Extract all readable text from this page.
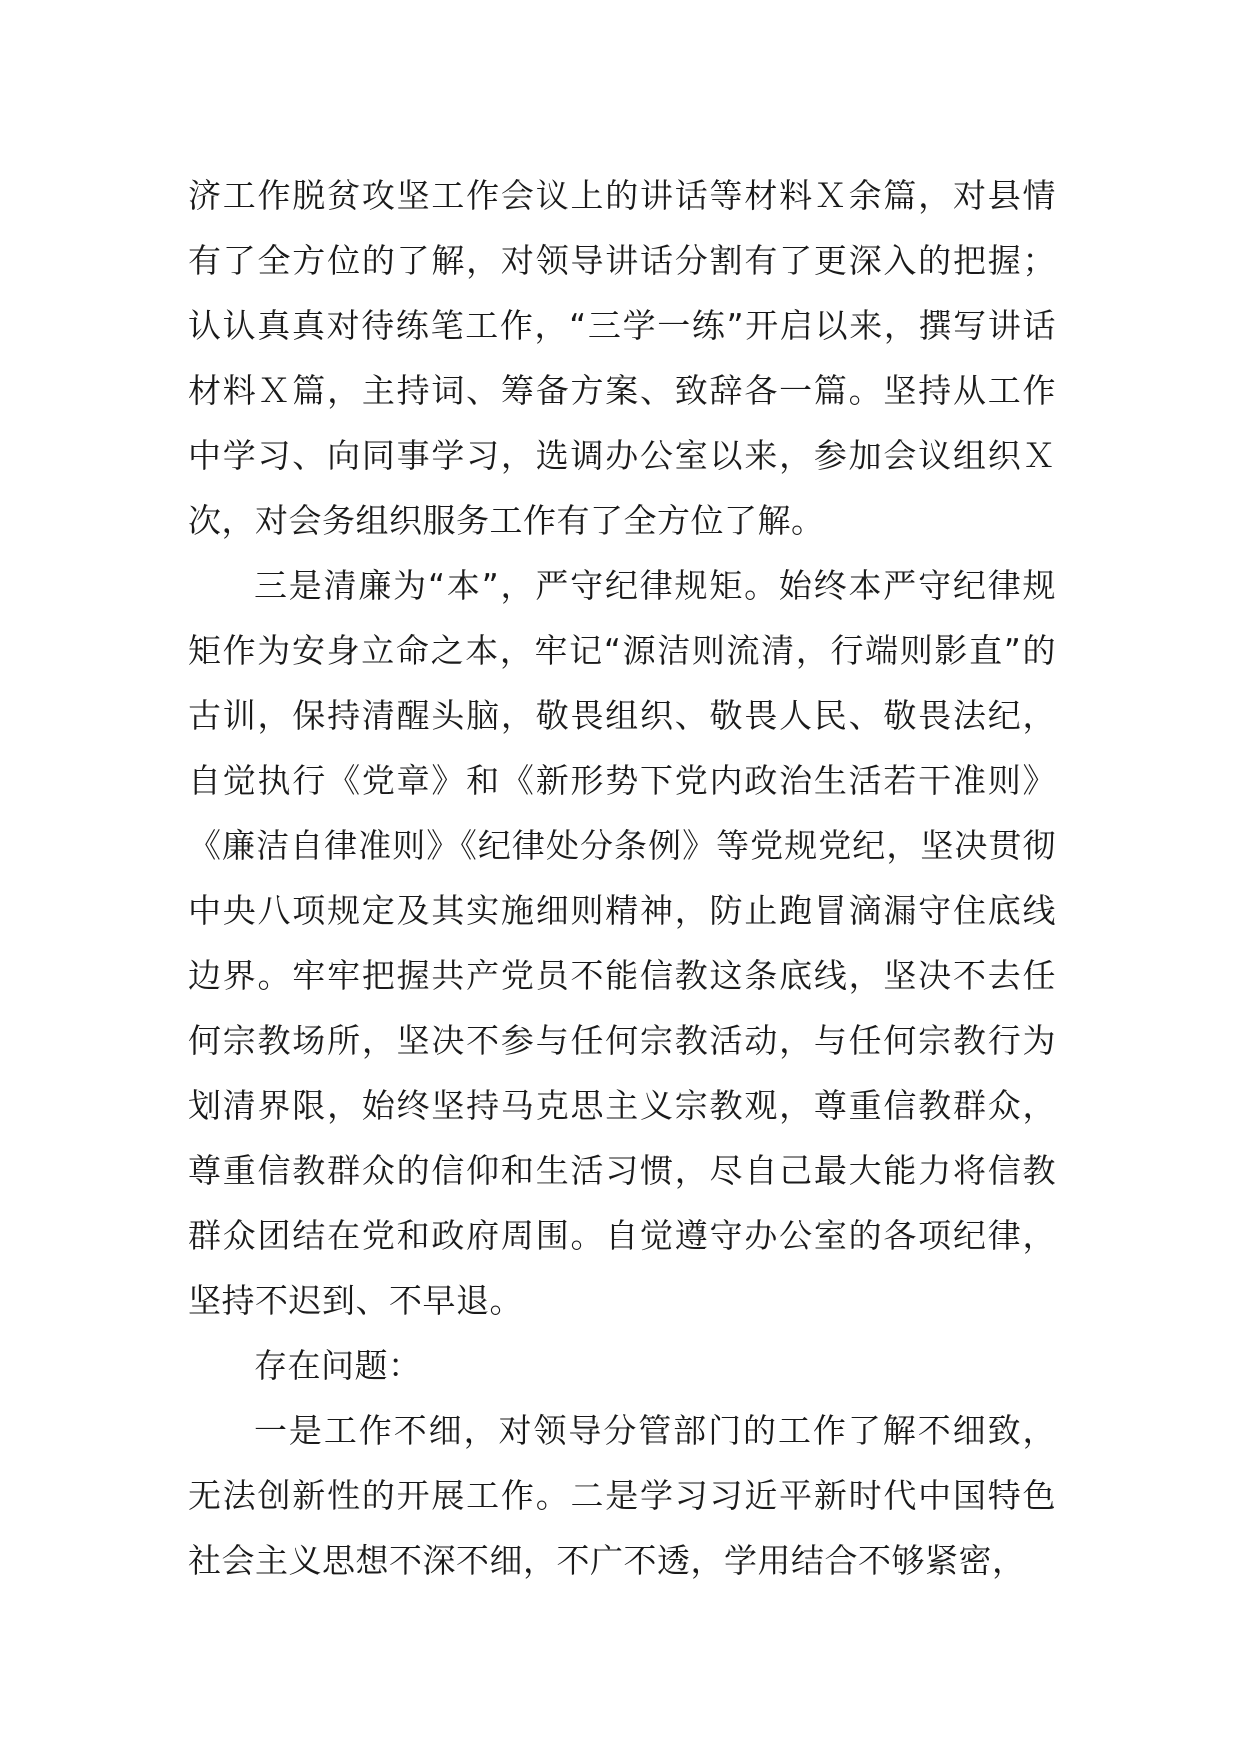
济工作脱贫攻坚工作会议上的讲话等材料Ｘ余篇，对县情有了全方位的了解，对领导讲话分割有了更深入的把握；认认真真对待练笔工作，“三学一练”开启以来，撰写讲话材料Ｘ篇，主持词、筹备方案、致辞各一篇。坚持从工作中学习、向同事学习，选调办公室以来，参加会议组织Ｘ次，对会务组织服务工作有了全方位了解。

三是清廉为“本”，严守纪律规矩。始终本严守纪律规矩作为安身立命之本，牢记“源洁则流清，行端则影直”的古训，保持清醒头脑，敬畏组织、敬畏人民、敬畏法纪，自觉执行《党章》和《新形势下党内政治生活若干准则》《廉洁自律准则》《纪律处分条例》等党规党纪，坚决贯彻中央八项规定及其实施细则精神，防止跑冒滴漏守住底线边界。牢牢把握共产党员不能信教这条底线，坚决不去任何宗教场所，坚决不参与任何宗教活动，与任何宗教行为划清界限，始终坚持马克思主义宗教观，尊重信教群众，尊重信教群众的信仰和生活习惯，尽自己最大能力将信教群众团结在党和政府周围。自觉遵守办公室的各项纪律，坚持不迟到、不早退。

存在问题：

一是工作不细，对领导分管部门的工作了解不细致，无法创新性的开展工作。二是学习习近平新时代中国特色社会主义思想不深不细，不广不透，学用结合不够紧密，
